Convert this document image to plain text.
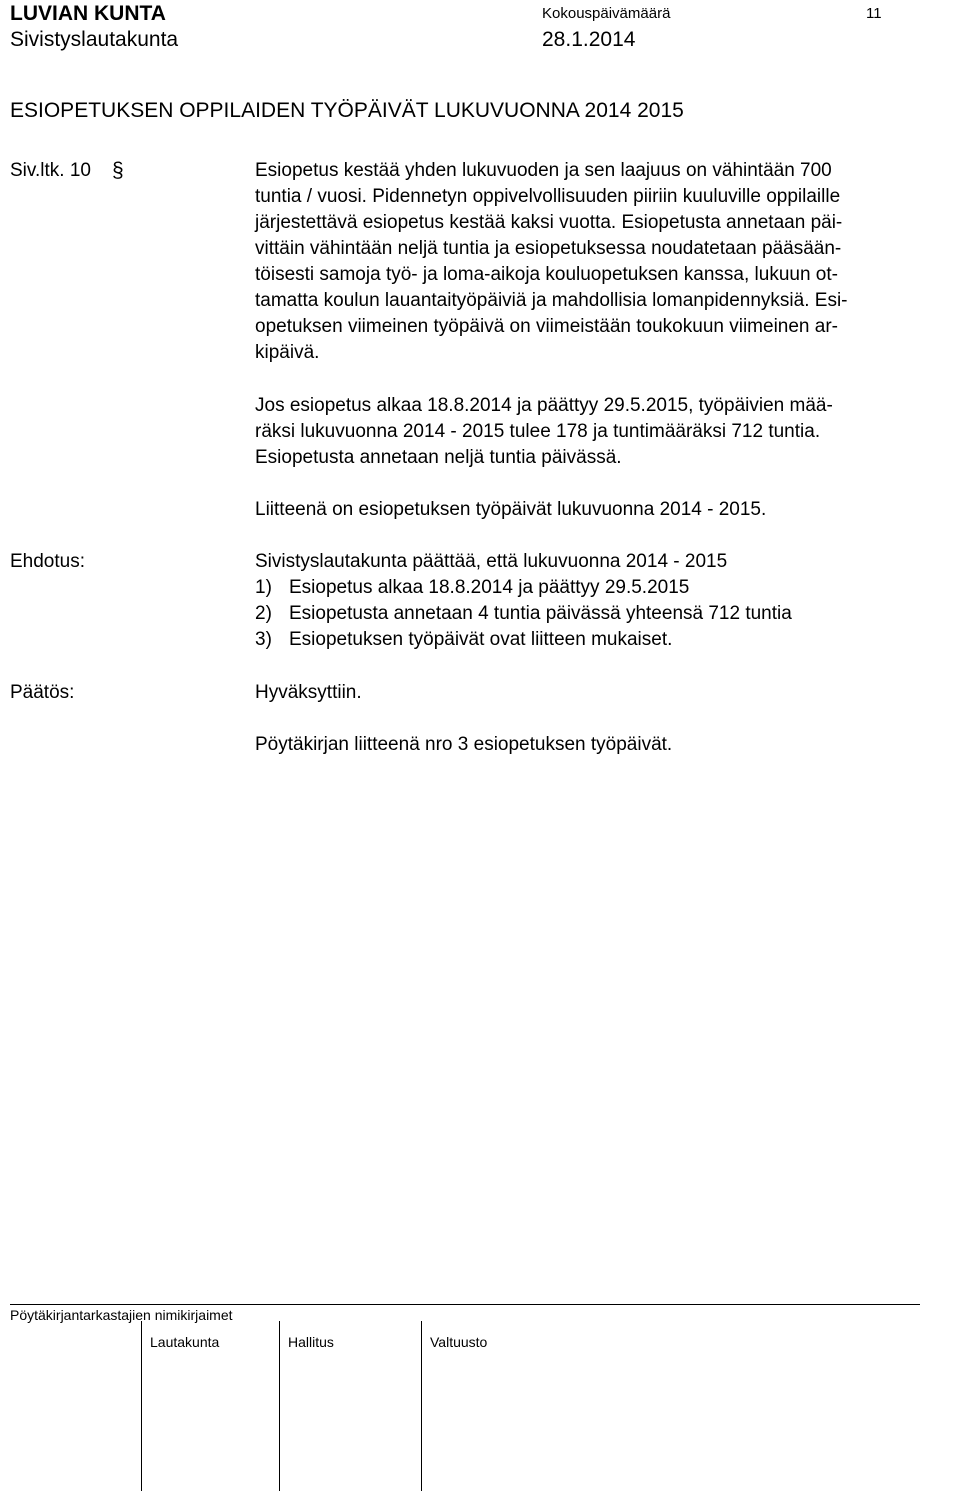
LUVIAN KUNTA
Sivistyslautakunta
Kokouspäivämäärä
28.1.2014
11
ESIOPETUKSEN OPPILAIDEN TYÖPÄIVÄT LUKUVUONNA 2014 2015
Siv.ltk. 10 §	Esiopetus kestää yhden lukuvuoden ja sen laajuus on vähintään 700
tuntia / vuosi. Pidennetyn oppivelvollisuuden piiriin kuuluville oppilaille
järjestettävä esiopetus kestää kaksi vuotta. Esiopetusta annetaan päi-
vittäin vähintään neljä tuntia ja esiopetuksessa noudatetaan pääsään-
töisesti samoja työ- ja loma-aikoja kouluopetuksen kanssa, lukuun ot-
tamatta koulun lauantaityöpäiviä ja mahdollisia lomanpidennyksiä. Esi-
opetuksen viimeinen työpäivä on viimeistään toukokuun viimeinen ar-
kipäivä.
Jos esiopetus alkaa 18.8.2014 ja päättyy 29.5.2015, työpäivien mää-
räksi lukuvuonna 2014 - 2015 tulee 178 ja tuntimääräksi 712 tuntia.
Esiopetusta annetaan neljä tuntia päivässä.
Liitteenä on esiopetuksen työpäivät lukuvuonna 2014 - 2015.
Ehdotus:	Sivistyslautakunta päättää, että lukuvuonna 2014 - 2015
1) Esiopetus alkaa 18.8.2014 ja päättyy 29.5.2015
2) Esiopetusta annetaan 4 tuntia päivässä yhteensä 712 tuntia
3) Esiopetuksen työpäivät ovat liitteen mukaiset.
Päätös:	Hyväksyttiin.
Pöytäkirjan liitteenä nro 3 esiopetuksen työpäivät.
Pöytäkirjantarkastajien nimikirjaimet
Lautakunta	Hallitus	Valtuusto
